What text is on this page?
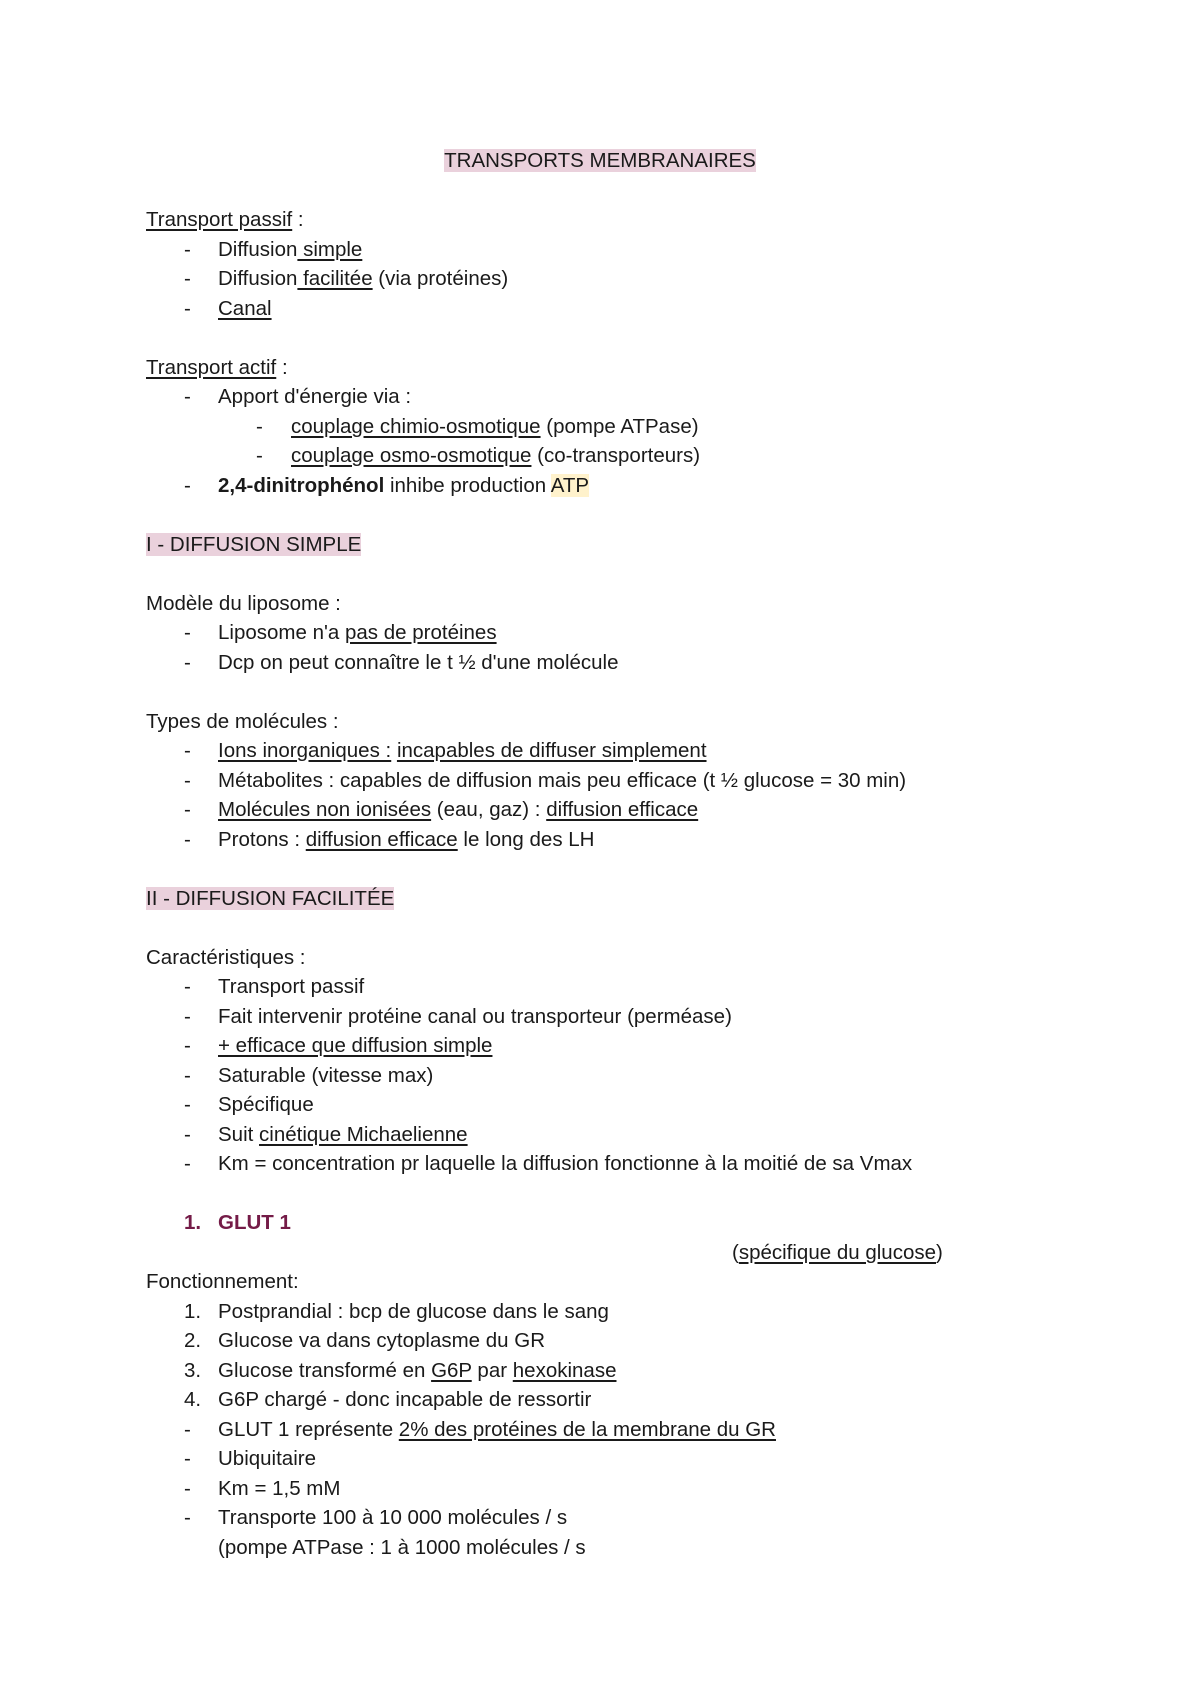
TRANSPORTS MEMBRANAIRES
Transport passif :
- Diffusion simple
- Diffusion facilitée (via protéines)
- Canal
Transport actif :
- Apport d'énergie via :
- couplage chimio-osmotique (pompe ATPase)
- couplage osmo-osmotique (co-transporteurs)
- 2,4-dinitrophénol inhibe production ATP
I - DIFFUSION SIMPLE
Modèle du liposome :
- Liposome n'a pas de protéines
- Dcp on peut connaître le t ½ d'une molécule
Types de molécules :
- Ions inorganiques : incapables de diffuser simplement
- Métabolites : capables de diffusion mais peu efficace (t ½ glucose = 30 min)
- Molécules non ionisées (eau, gaz) : diffusion efficace
- Protons : diffusion efficace le long des LH
II - DIFFUSION FACILITÉE
Caractéristiques :
- Transport passif
- Fait intervenir protéine canal ou transporteur (perméase)
- + efficace que diffusion simple
- Saturable (vitesse max)
- Spécifique
- Suit cinétique Michaelienne
- Km = concentration pr laquelle la diffusion fonctionne à la moitié de sa Vmax
1. GLUT 1
(spécifique du glucose)
Fonctionnement:
1. Postprandial : bcp de glucose dans le sang
2. Glucose va dans cytoplasme du GR
3. Glucose transformé en G6P par hexokinase
4. G6P chargé - donc incapable de ressortir
- GLUT 1 représente 2% des protéines de la membrane du GR
- Ubiquitaire
- Km = 1,5 mM
- Transporte 100 à 10 000 molécules / s
(pompe ATPase : 1 à 1000 molécules / s
